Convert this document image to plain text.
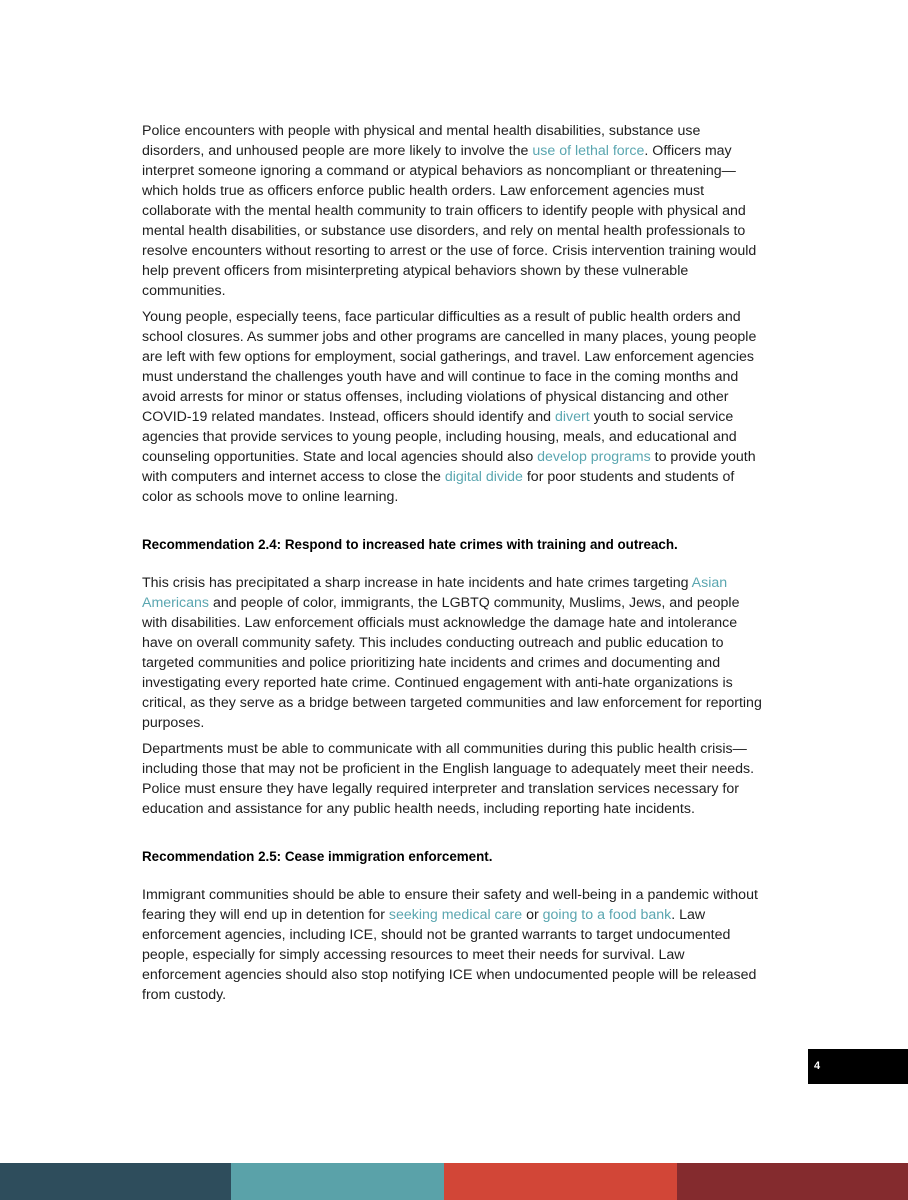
Police encounters with people with physical and mental health disabilities, substance use disorders, and unhoused people are more likely to involve the use of lethal force. Officers may interpret someone ignoring a command or atypical behaviors as noncompliant or threatening—which holds true as officers enforce public health orders. Law enforcement agencies must collaborate with the mental health community to train officers to identify people with physical and mental health disabilities, or substance use disorders, and rely on mental health professionals to resolve encounters without resorting to arrest or the use of force. Crisis intervention training would help prevent officers from misinterpreting atypical behaviors shown by these vulnerable communities.

Young people, especially teens, face particular difficulties as a result of public health orders and school closures. As summer jobs and other programs are cancelled in many places, young people are left with few options for employment, social gatherings, and travel. Law enforcement agencies must understand the challenges youth have and will continue to face in the coming months and avoid arrests for minor or status offenses, including violations of physical distancing and other COVID-19 related mandates. Instead, officers should identify and divert youth to social service agencies that provide services to young people, including housing, meals, and educational and counseling opportunities. State and local agencies should also develop programs to provide youth with computers and internet access to close the digital divide for poor students and students of color as schools move to online learning.

Recommendation 2.4: Respond to increased hate crimes with training and outreach.

This crisis has precipitated a sharp increase in hate incidents and hate crimes targeting Asian Americans and people of color, immigrants, the LGBTQ community, Muslims, Jews, and people with disabilities. Law enforcement officials must acknowledge the damage hate and intolerance have on overall community safety. This includes conducting outreach and public education to targeted communities and police prioritizing hate incidents and crimes and documenting and investigating every reported hate crime. Continued engagement with anti-hate organizations is critical, as they serve as a bridge between targeted communities and law enforcement for reporting purposes.

Departments must be able to communicate with all communities during this public health crisis—including those that may not be proficient in the English language to adequately meet their needs. Police must ensure they have legally required interpreter and translation services necessary for education and assistance for any public health needs, including reporting hate incidents.

Recommendation 2.5: Cease immigration enforcement.

Immigrant communities should be able to ensure their safety and well-being in a pandemic without fearing they will end up in detention for seeking medical care or going to a food bank. Law enforcement agencies, including ICE, should not be granted warrants to target undocumented people, especially for simply accessing resources to meet their needs for survival. Law enforcement agencies should also stop notifying ICE when undocumented people will be released from custody.

4
